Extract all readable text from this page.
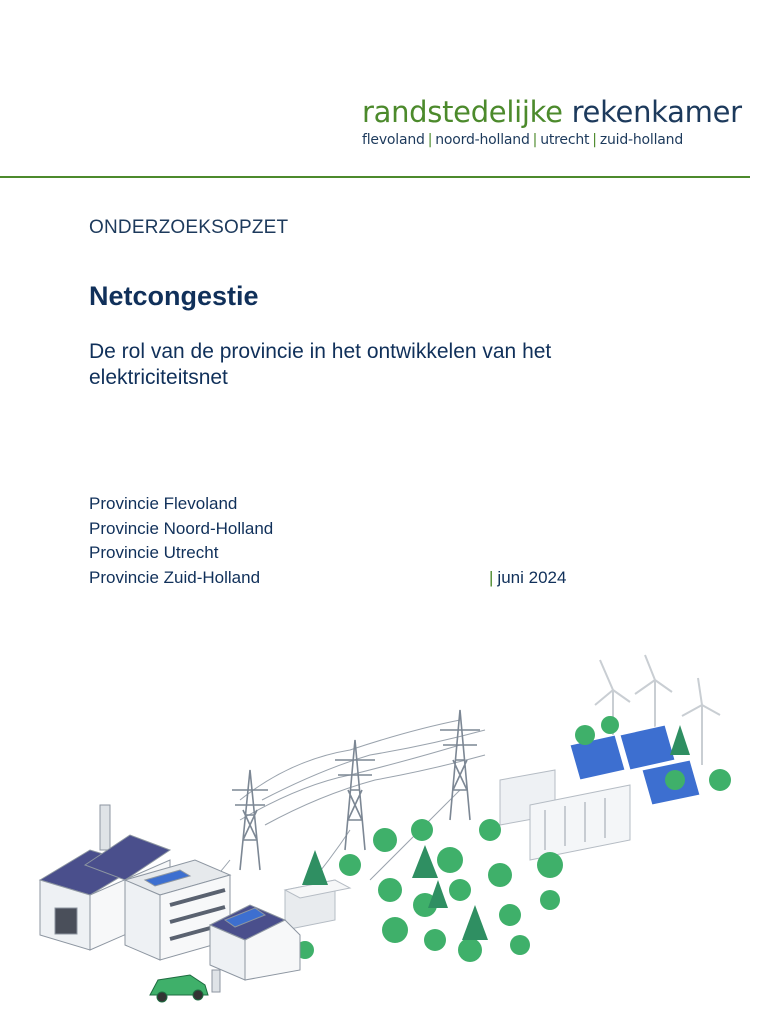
randstedelijke rekenkamer
flevoland | noord-holland | utrecht | zuid-holland
ONDERZOEKSOPZET
Netcongestie
De rol van de provincie in het ontwikkelen van het elektriciteitsnet
Provincie Flevoland
Provincie Noord-Holland
Provincie Utrecht
Provincie Zuid-Holland	| juni 2024
